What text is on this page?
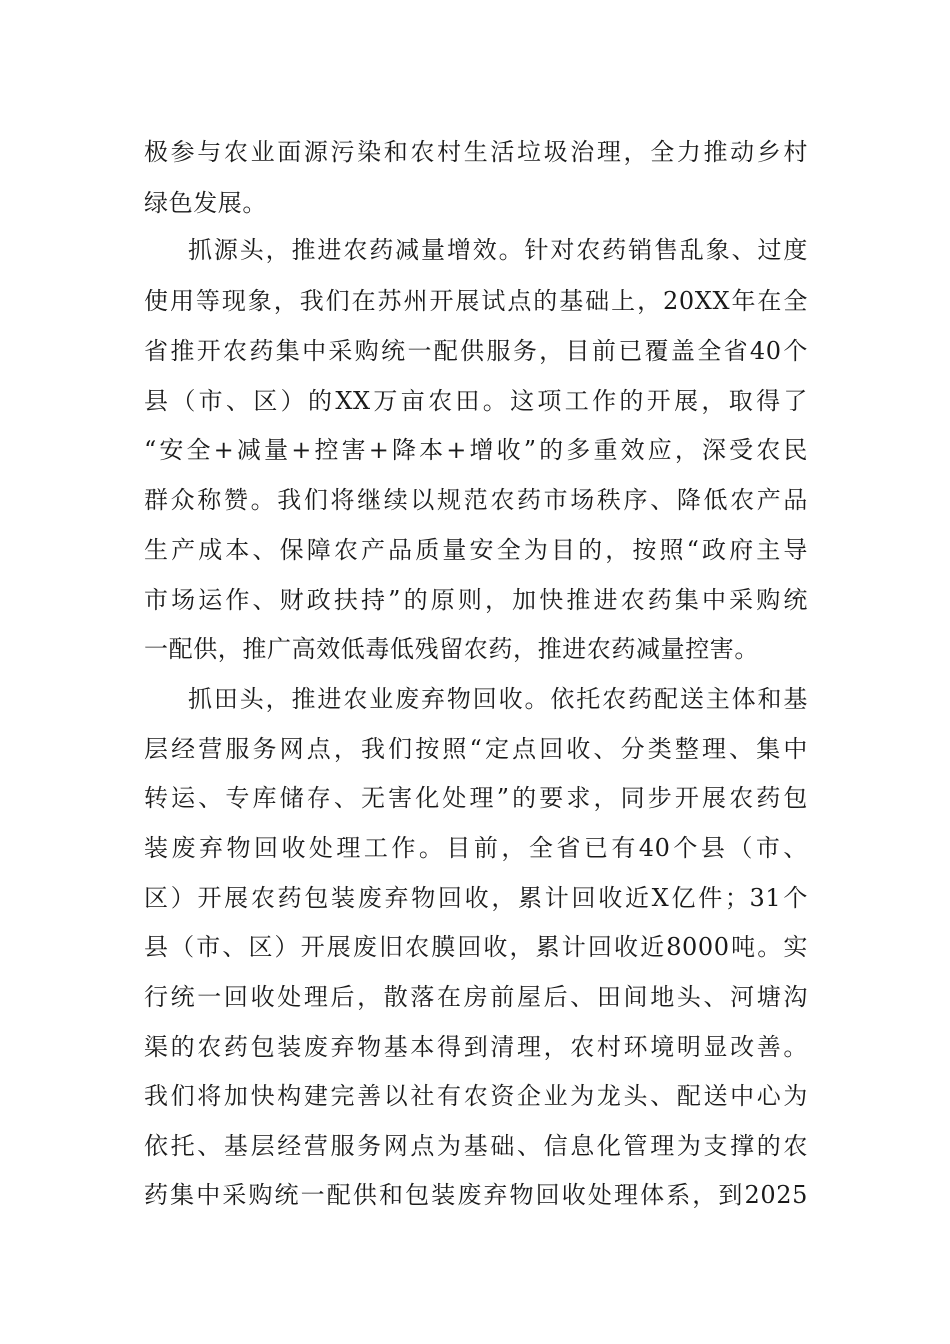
极参与农业面源污染和农村生活垃圾治理，全力推动乡村
绿色发展。
抓源头，推进农药减量增效。针对农药销售乱象、过度
使用等现象，我们在苏州开展试点的基础上，20XX年在全
省推开农药集中采购统一配供服务，目前已覆盖全省40个
县（市、区）的XX万亩农田。这项工作的开展，取得了
“安全+减量+控害+降本+增收”的多重效应，深受农民
群众称赞。我们将继续以规范农药市场秩序、降低农产品
生产成本、保障农产品质量安全为目的，按照“政府主导
市场运作、财政扶持”的原则，加快推进农药集中采购统
一配供，推广高效低毒低残留农药，推进农药减量控害。
抓田头，推进农业废弃物回收。依托农药配送主体和基
层经营服务网点，我们按照“定点回收、分类整理、集中
转运、专库储存、无害化处理”的要求，同步开展农药包
装废弃物回收处理工作。目前，全省已有40个县（市、
区）开展农药包装废弃物回收，累计回收近X亿件；31个
县（市、区）开展废旧农膜回收，累计回收近8000吨。实
行统一回收处理后，散落在房前屋后、田间地头、河塘沟
渠的农药包装废弃物基本得到清理，农村环境明显改善。
我们将加快构建完善以社有农资企业为龙头、配送中心为
依托、基层经营服务网点为基础、信息化管理为支撑的农
药集中采购统一配供和包装废弃物回收处理体系，到2025
